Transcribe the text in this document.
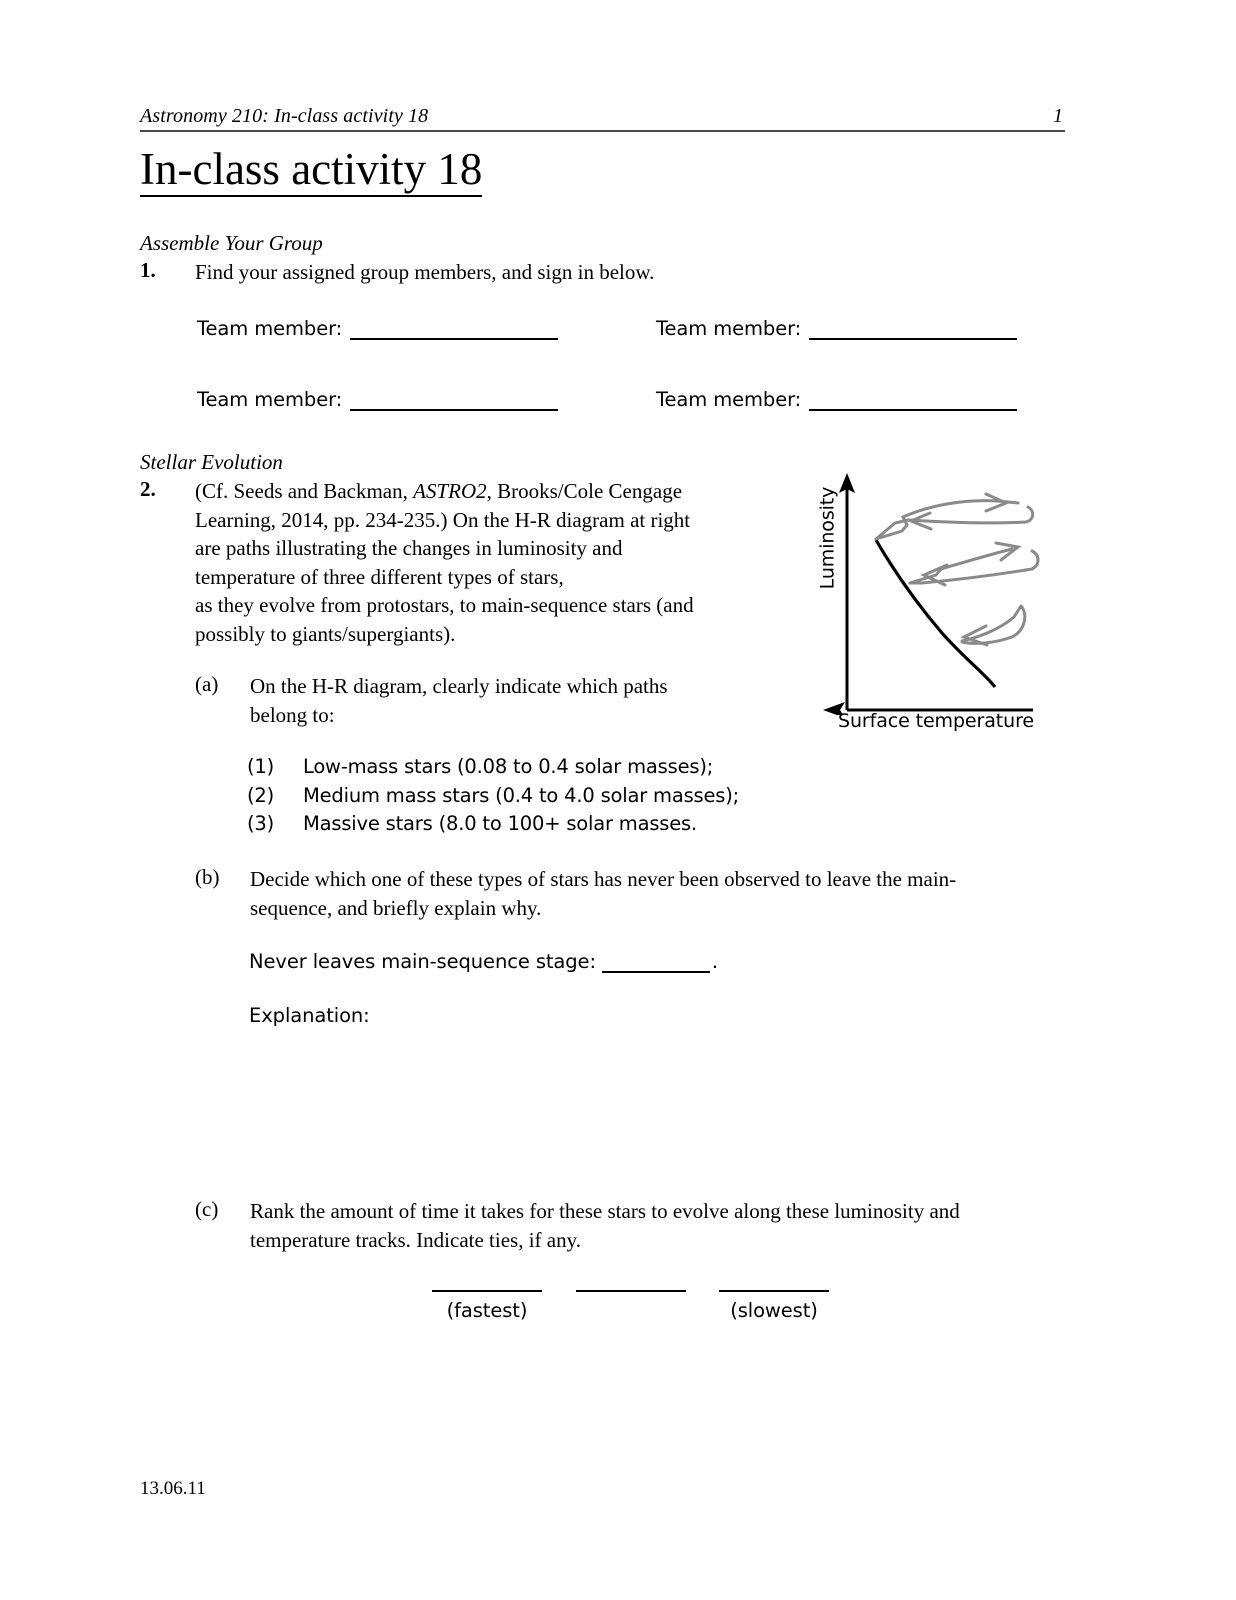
Astronomy 210: In-class activity 18	1
In-class activity 18
Assemble Your Group
1. Find your assigned group members, and sign in below.
Team member:	Team member:
Team member:	Team member:
Stellar Evolution
2. (Cf. Seeds and Backman, ASTRO2, Brooks/Cole Cengage
Learning, 2014, pp. 234-235.) On the H-R diagram at right
are paths illustrating the changes in luminosity and
temperature of three different types of stars,
as they evolve from protostars, to main-sequence stars (and
possibly to giants/supergiants).
Luminosity
Surface temperature
(a) On the H-R diagram, clearly indicate which paths
belong to:
(1) Low-mass stars (0.08 to 0.4 solar masses);
(2) Medium mass stars (0.4 to 4.0 solar masses);
(3) Massive stars (8.0 to 100+ solar masses.
(b) Decide which one of these types of stars has never been observed to leave the main-
sequence, and briefly explain why.
Never leaves main-sequence stage:	.
Explanation:
(c) Rank the amount of time it takes for these stars to evolve along these luminosity and
temperature tracks. Indicate ties, if any.
(fastest)	(slowest)
13.06.11
